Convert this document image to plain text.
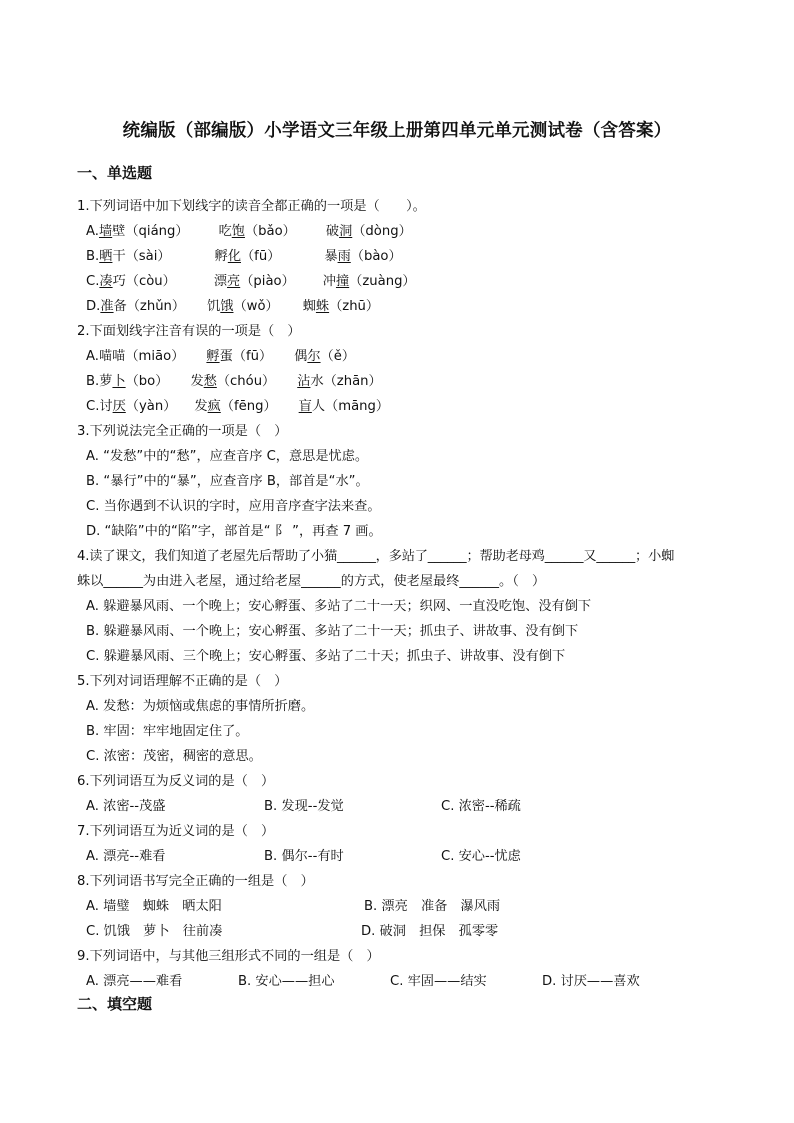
统编版（部编版）小学语文三年级上册第四单元单元测试卷（含答案）
一、单选题
1.下列词语中加下划线字的读音全都正确的一项是（　　）。
A.墙壁（qiáng） 吃饱（bǎo） 破洞（dòng）
B.晒干（sài）	孵化（fū）	暴雨（bào）
C.凑巧（còu）	漂亮（piào） 冲撞（zuàng）
D.准备（zhǔn） 饥饿（wǒ） 蜘蛛（zhū）
2.下面划线字注音有误的一项是（　）
A.喵喵（miāo） 孵蛋（fū） 偶尔（ě）
B.萝卜（bo） 发愁（chóu） 沾水（zhān）
C.讨厌（yàn） 发疯（fēng） 盲人（māng）
3.下列说法完全正确的一项是（　）
A. “发愁”中的“愁”，应查音序 C，意思是忧虑。
B. “暴行”中的“暴”，应查音序 B，部首是“水”。
C. 当你遇到不认识的字时，应用音序查字法来查。
D. “缺陷”中的“陷”字，部首是“ 阝 ”，再查 7 画。
4.读了课文，我们知道了老屋先后帮助了小猫______，多站了______；帮助老母鸡______又______；小蜘
蛛以______为由进入老屋，通过给老屋______的方式，使老屋最终______。（　）
A. 躲避暴风雨、一个晚上；安心孵蛋、多站了二十一天；织网、一直没吃饱、没有倒下
B. 躲避暴风雨、一个晚上；安心孵蛋、多站了二十一天；抓虫子、讲故事、没有倒下
C. 躲避暴风雨、三个晚上；安心孵蛋、多站了二十天；抓虫子、讲故事、没有倒下
5.下列对词语理解不正确的是（　）
A. 发愁：为烦恼或焦虑的事情所折磨。
B. 牢固：牢牢地固定住了。
C. 浓密：茂密，稠密的意思。
6.下列词语互为反义词的是（　）
A. 浓密--茂盛	B. 发现--发觉	C. 浓密--稀疏
7.下列词语互为近义词的是（　）
A. 漂亮--难看	B. 偶尔--有时	C. 安心--忧虑
8.下列词语书写完全正确的一组是（　）
A. 墙璧　蜘蛛　晒太阳	B. 漂亮　准备　瀑风雨
C. 饥饿　萝卜　往前凑	D. 破洞　担保　孤零零
9.下列词语中，与其他三组形式不同的一组是（　）
A. 漂亮——难看	B. 安心——担心	C. 牢固——结实	D. 讨厌——喜欢
二、填空题
